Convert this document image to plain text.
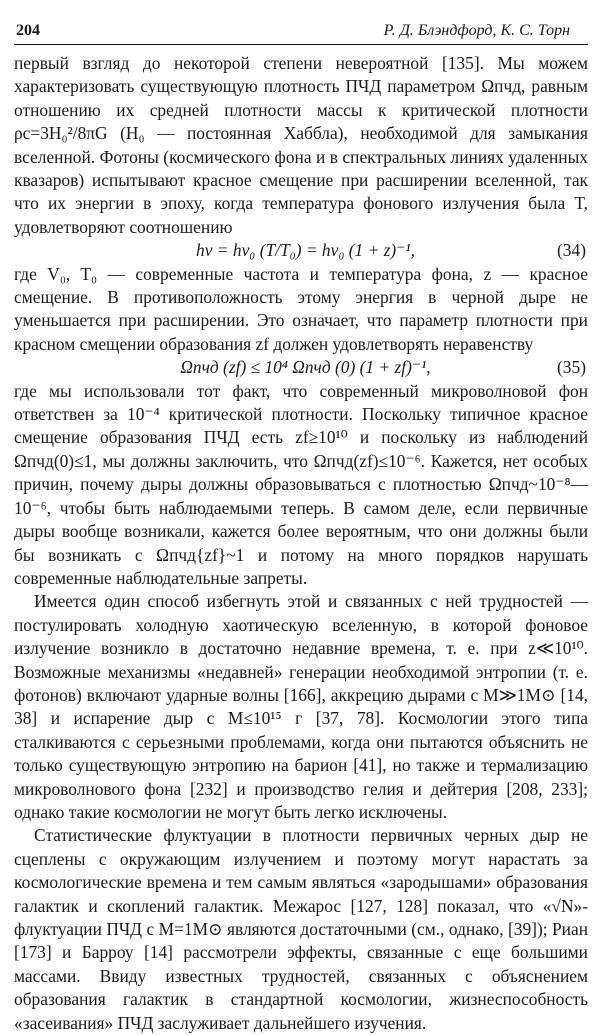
204	Р. Д. Блэндфорд, К. С. Торн

первый взгляд до некоторой степени невероятной [135]. Мы можем характеризовать существующую плотность ПЧД параметром Ωпчд, равным отношению их средней плотности массы к критической плотности ρc=3H₀²/8πG (H₀ — постоянная Хаббла), необходимой для замыкания вселенной. Фотоны (космического фона и в спектральных линиях удаленных квазаров) испытывают красное смещение при расширении вселенной, так что их энергии в эпоху, когда температура фонового излучения была T, удовлетворяют соотношению

hν = hν₀ (T/T₀) = hν₀ (1 + z)⁻¹,	(34)

где V₀, T₀ — современные частота и температура фона, z — красное смещение. В противоположность этому энергия в черной дыре не уменьшается при расширении. Это означает, что параметр плотности при красном смещении образования zf должен удовлетворять неравенству

Ωпчд (zf) ≤ 10⁴ Ωпчд (0) (1 + zf)⁻¹,	(35)

где мы использовали тот факт, что современный микроволновой фон ответствен за 10⁻⁴ критической плотности. Поскольку типичное красное смещение образования ПЧД есть zf≥10¹⁰ и поскольку из наблюдений Ωпчд(0)≤1, мы должны заключить, что Ωпчд(zf)≤10⁻⁶. Кажется, нет особых причин, почему дыры должны образовываться с плотностью Ωпчд~10⁻⁸—10⁻⁶, чтобы быть наблюдаемыми теперь. В самом деле, если первичные дыры вообще возникали, кажется более вероятным, что они должны были бы возникать с Ωпчд{zf}~1 и потому на много порядков нарушать современные наблюдательные запреты.

Имеется один способ избегнуть этой и связанных с ней трудностей — постулировать холодную хаотическую вселенную, в которой фоновое излучение возникло в достаточно недавние времена, т. е. при z≪10¹⁰. Возможные механизмы «недавней» генерации необходимой энтропии (т. е. фотонов) включают ударные волны [166], аккрецию дырами с M≫1M⊙ [14, 38] и испарение дыр с M≤10¹⁵ г [37, 78]. Космологии этого типа сталкиваются с серьезными проблемами, когда они пытаются объяснить не только существующую энтропию на барион [41], но также и термализацию микроволнового фона [232] и производство гелия и дейтерия [208, 233]; однако такие космологии не могут быть легко исключены.

Статистические флуктуации в плотности первичных черных дыр не сцеплены с окружающим излучением и поэтому могут нарастать за космологические времена и тем самым являться «зародышами» образования галактик и скоплений галактик. Межарос [127, 128] показал, что «√N»-флуктуации ПЧД с M=1M⊙ являются достаточными (см., однако, [39]); Риан [173] и Барроу [14] рассмотрели эффекты, связанные с еще большими массами. Ввиду известных трудностей, связанных с объяснением образования галактик в стандартной космологии, жизнеспособность «засеивания» ПЧД заслуживает дальнейшего изучения.
